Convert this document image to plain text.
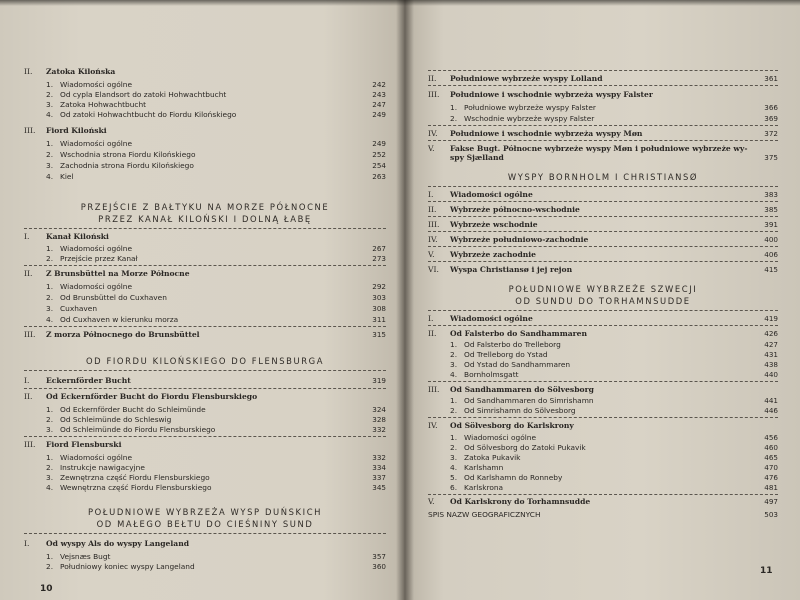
II. Zatoka Kilońska
1. Wiadomości ogólne	242
2. Od cypla Elandsort do zatoki Hohwachtbucht	243
3. Zatoka Hohwachtbucht	247
4. Od zatoki Hohwachtbucht do Fiordu Kilońskiego	249
III. Fiord Kiloński
1. Wiadomości ogólne	249
2. Wschodnia strona Fiordu Kilońskiego	252
3. Zachodnia strona Fiordu Kilońskiego	254
4. Kiel	263
PRZEJŚCIE Z BAŁTYKU NA MORZE PÓŁNOCNE
PRZEZ KANAŁ KILOŃSKI I DOLNĄ ŁABĘ
I. Kanał Kiloński
1. Wiadomości ogólne	267
2. Przejście przez Kanał	273
II. Z Brunsbüttel na Morze Północne
1. Wiadomości ogólne	292
2. Od Brunsbüttel do Cuxhaven	303
3. Cuxhaven	308
4. Od Cuxhaven w kierunku morza	311
III. Z morza Północnego do Brunsbüttel	315
OD FIORDU KILOŃSKIEGO DO FLENSBURGA
I. Eckernförder Bucht	319
II. Od Eckernförder Bucht do Fiordu Flensburskiego
1. Od Eckernförder Bucht do Schleimünde	324
2. Od Schleimünde do Schleswig	328
3. Od Schleimünde do Fiordu Flensburskiego	332
III. Fiord Flensburski
1. Wiadomości ogólne	332
2. Instrukcje nawigacyjne	334
3. Zewnętrzna część Fiordu Flensburskiego	337
4. Wewnętrzna część Fiordu Flensburskiego	345
POŁUDNIOWE WYBRZEŻA WYSP DUŃSKICH
OD MAŁEGO BEŁTU DO CIEŚNINY SUND
I. Od wyspy Als do wyspy Langeland
1. Vejsnæs Bugt	357
2. Południowy koniec wyspy Langeland	360
10
II. Południowe wybrzeże wyspy Lolland	361
III. Południowe i wschodnie wybrzeża wyspy Falster
1. Południowe wybrzeże wyspy Falster	366
2. Wschodnie wybrzeże wyspy Falster	369
IV. Południowe i wschodnie wybrzeża wyspy Møn	372
V. Fakse Bugt. Północne wybrzeże wyspy Møn i południowe wybrzeże wy-
spy Sjælland	375
WYSPY BORNHOLM I CHRISTIANSØ
I. Wiadomości ogólne	383
II. Wybrzeże północno-wschodnie	385
III. Wybrzeże wschodnie	391
IV. Wybrzeże południowo-zachodnie	400
V. Wybrzeże zachodnie	406
VI. Wyspa Christiansø i jej rejon	415
POŁUDNIOWE WYBRZEŻE SZWECJI
OD SUNDU DO TORHAMNSUDDE
I. Wiadomości ogólne	419
II. Od Falsterbo do Sandhammaren	426
1. Od Falsterbo do Trelleborg	427
2. Od Trelleborg do Ystad	431
3. Od Ystad do Sandhammaren	438
4. Bornholmsgatt	440
III. Od Sandhammaren do Sölvesborg
1. Od Sandhammaren do Simrishamn	441
2. Od Simrishamn do Sölvesborg	446
IV. Od Sölvesborg do Karlskrony
1. Wiadomości ogólne	456
2. Od Sölvesborg do Zatoki Pukavik	460
3. Zatoka Pukavik	465
4. Karlshamn	470
5. Od Karlshamn do Ronneby	476
6. Karlskrona	481
V. Od Karlskrony do Torhamnsudde	497
SPIS NAZW GEOGRAFICZNYCH	503
11
